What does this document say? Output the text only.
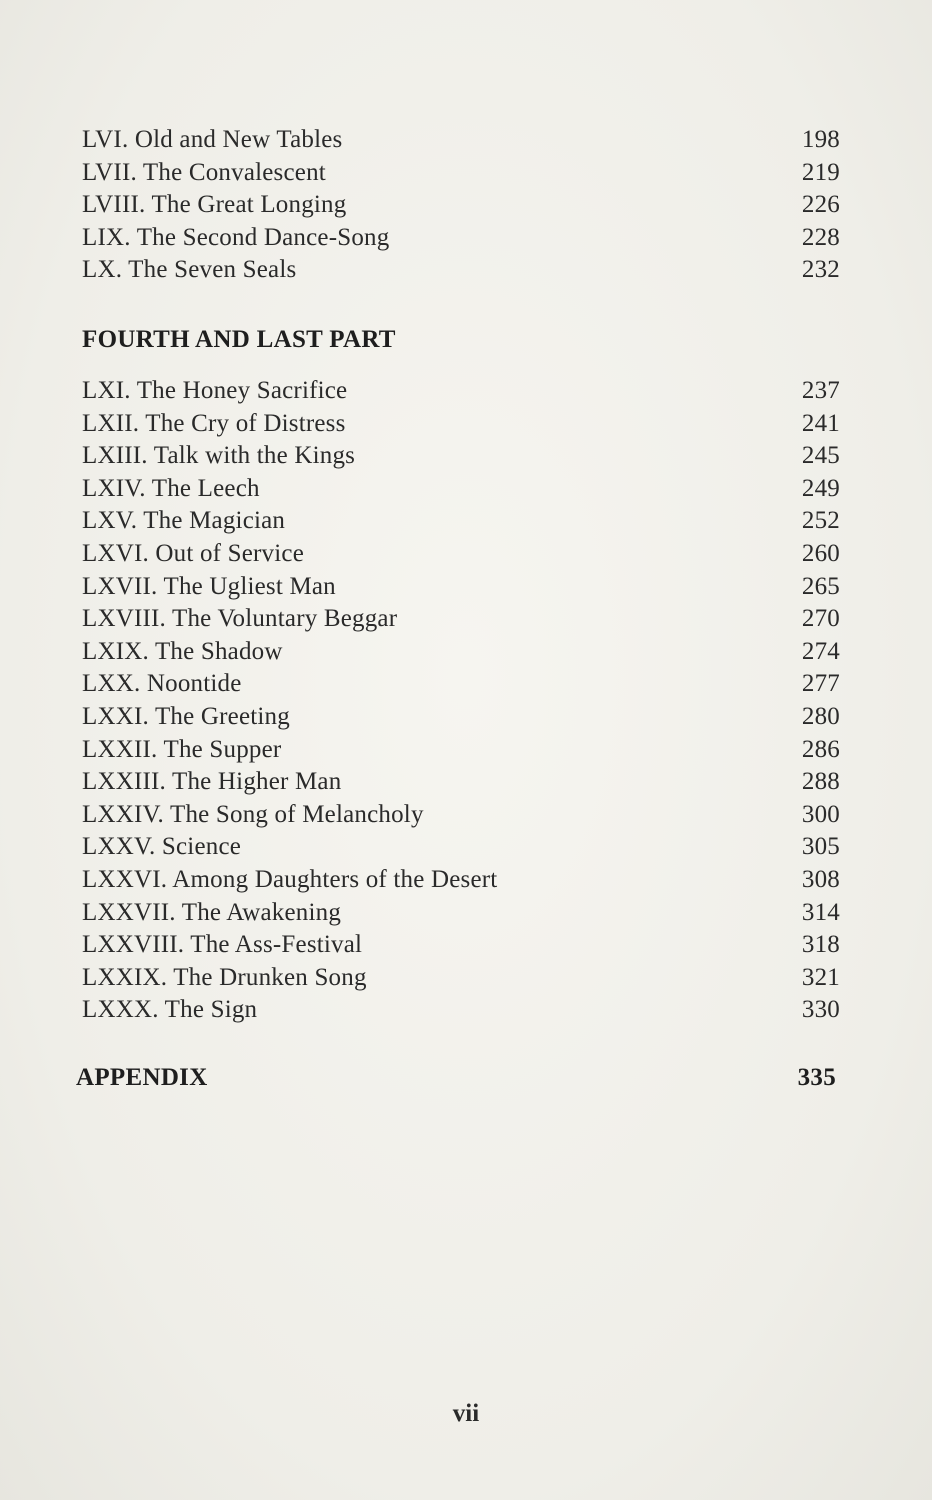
LVI. Old and New Tables	198
LVII. The Convalescent	219
LVIII. The Great Longing	226
LIX. The Second Dance-Song	228
LX. The Seven Seals	232
FOURTH AND LAST PART
LXI. The Honey Sacrifice	237
LXII. The Cry of Distress	241
LXIII. Talk with the Kings	245
LXIV. The Leech	249
LXV. The Magician	252
LXVI. Out of Service	260
LXVII. The Ugliest Man	265
LXVIII. The Voluntary Beggar	270
LXIX. The Shadow	274
LXX. Noontide	277
LXXI. The Greeting	280
LXXII. The Supper	286
LXXIII. The Higher Man	288
LXXIV. The Song of Melancholy	300
LXXV. Science	305
LXXVI. Among Daughters of the Desert	308
LXXVII. The Awakening	314
LXXVIII. The Ass-Festival	318
LXXIX. The Drunken Song	321
LXXX. The Sign	330
APPENDIX	335
vii
